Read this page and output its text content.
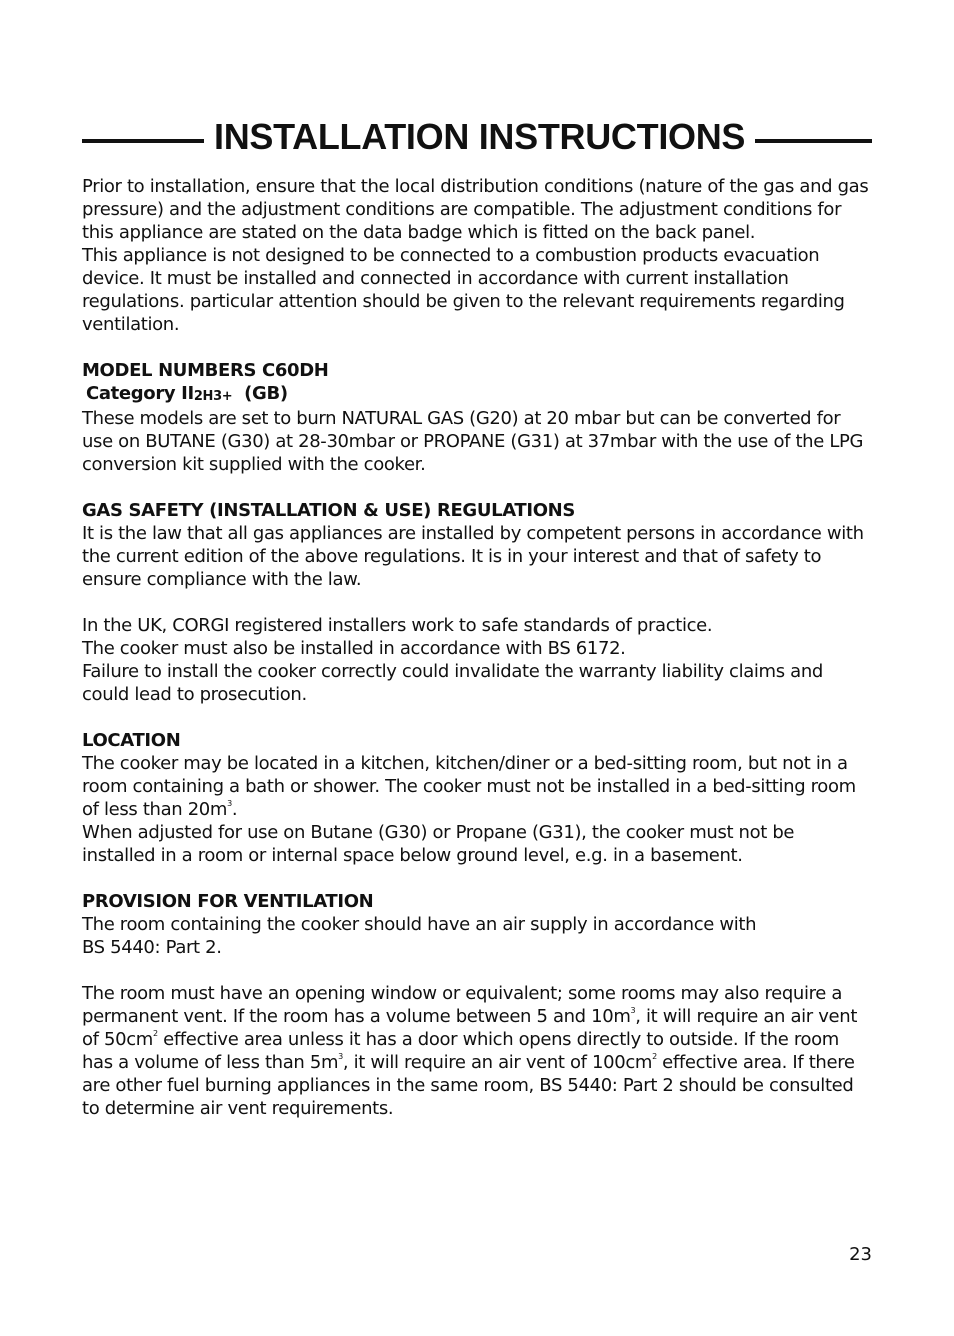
INSTALLATION INSTRUCTIONS

Prior to installation, ensure that the local distribution conditions (nature of the gas and gas pressure) and the adjustment conditions are compatible. The adjustment conditions for this appliance are stated on the data badge which is fitted on the back panel.

This appliance is not designed to be connected to a combustion products evacuation device. It must be installed and connected in accordance with current installation regulations. particular attention should be given to the relevant requirements regarding ventilation.

MODEL NUMBERS C60DH

Category II2H3+ (GB)

These models are set to burn NATURAL GAS (G20) at 20 mbar but can be converted for use on BUTANE (G30) at 28-30mbar or PROPANE (G31) at 37mbar with the use of the LPG conversion kit supplied with the cooker.

GAS SAFETY (INSTALLATION & USE) REGULATIONS

It is the law that all gas appliances are installed by competent persons in accordance with the current edition of the above regulations. It is in your interest and that of safety to ensure compliance with the law.

In the UK, CORGI registered installers work to safe standards of practice.

The cooker must also be installed in accordance with BS 6172.

Failure to install the cooker correctly could invalidate the warranty liability claims and could lead to prosecution.

LOCATION

The cooker may be located in a kitchen, kitchen/diner or a bed-sitting room, but not in a room containing a bath or shower. The cooker must not be installed in a bed-sitting room of less than $20m^3$.

When adjusted for use on Butane (G30) or Propane (G31), the cooker must not be installed in a room or internal space below ground level, e.g. in a basement.

PROVISION FOR VENTILATION

The room containing the cooker should have an air supply in accordance with

BS 5440: Part 2.

The room must have an opening window or equivalent; some rooms may also require a permanent vent. If the room has a volume between 5 and $10m^3$, it will require an air vent of $50cm^2$ effective area unless it has a door which opens directly to outside. If the room has a volume of less than $5m^3$, it will require an air vent of $100cm^2$ effective area. If there are other fuel burning appliances in the same room, BS 5440: Part 2 should be consulted to determine air vent requirements.

23
